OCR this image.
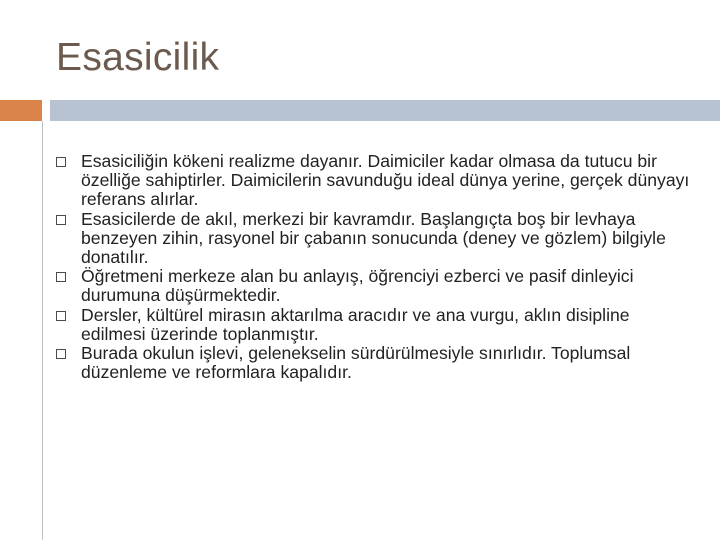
Esasicilik
Esasiciliğin kökeni realizme dayanır. Daimiciler kadar olmasa da tutucu bir özelliğe sahiptirler. Daimicilerin savunduğu ideal dünya yerine, gerçek dünyayı referans alırlar.
Esasicilerde de akıl, merkezi bir kavramdır. Başlangıçta boş bir levhaya benzeyen zihin, rasyonel bir çabanın sonucunda (deney ve gözlem) bilgiyle donatılır.
Öğretmeni merkeze alan bu anlayış, öğrenciyi ezberci ve pasif dinleyici durumuna düşürmektedir.
Dersler, kültürel mirasın aktarılma aracıdır ve ana vurgu, aklın disipline edilmesi üzerinde toplanmıştır.
Burada okulun işlevi, gelenekselin sürdürülmesiyle sınırlıdır. Toplumsal düzenleme ve reformlara kapalıdır.
